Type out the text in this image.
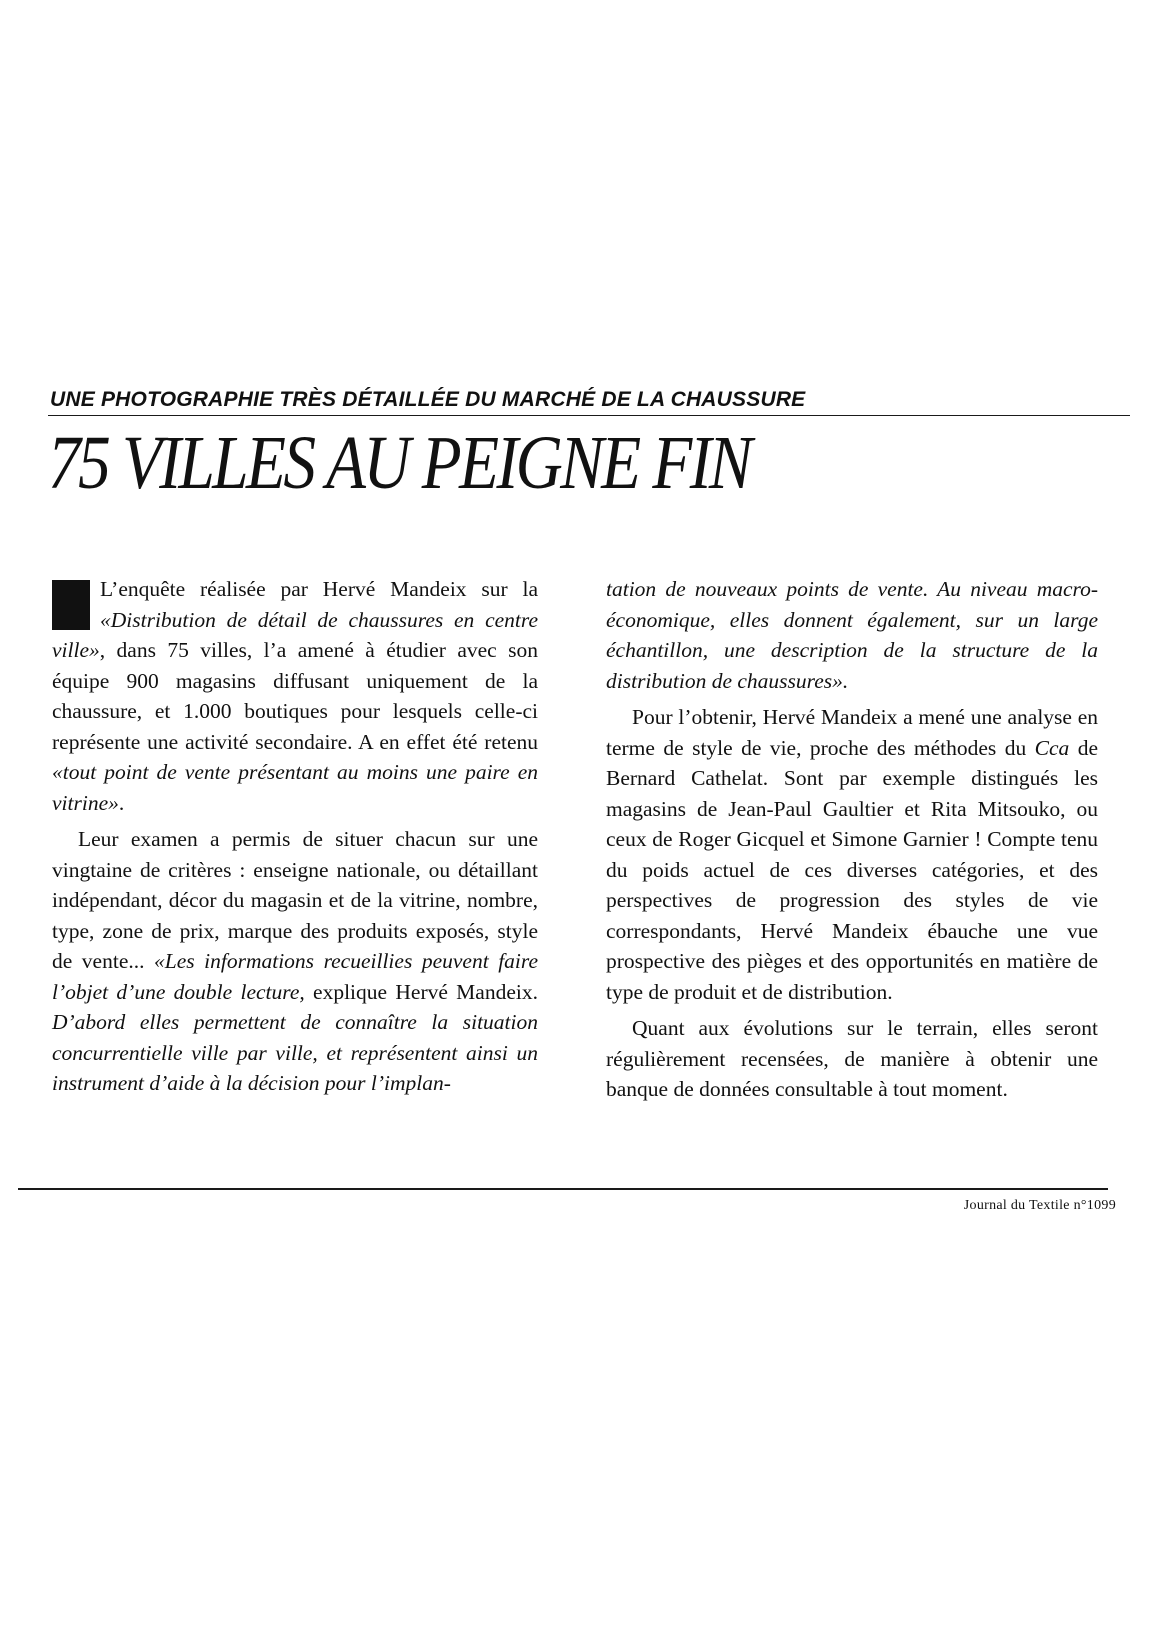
UNE PHOTOGRAPHIE TRÈS DÉTAILLÉE DU MARCHÉ DE LA CHAUSSURE
75 VILLES AU PEIGNE FIN

L’enquête réalisée par Hervé Mandeix sur la «Distribution de détail de chaussures en centre ville», dans 75 villes, l’a amené à étudier avec son équipe 900 magasins diffusant uniquement de la chaussure, et 1.000 boutiques pour lesquels celle-ci représente une activité secondaire. A en effet été retenu «tout point de vente présentant au moins une paire en vitrine».

Leur examen a permis de situer chacun sur une vingtaine de critères : enseigne nationale, ou détaillant indépendant, décor du magasin et de la vitrine, nombre, type, zone de prix, marque des produits exposés, style de vente... «Les informations recueillies peuvent faire l’objet d’une double lecture, explique Hervé Mandeix. D’abord elles permettent de connaître la situation concurrentielle ville par ville, et représentent ainsi un instrument d’aide à la décision pour l’implan-

tation de nouveaux points de vente. Au niveau macro-économique, elles donnent également, sur un large échantillon, une description de la structure de la distribution de chaussures».

Pour l’obtenir, Hervé Mandeix a mené une analyse en terme de style de vie, proche des méthodes du Cca de Bernard Cathelat. Sont par exemple distingués les magasins de Jean-Paul Gaultier et Rita Mitsouko, ou ceux de Roger Gicquel et Simone Garnier ! Compte tenu du poids actuel de ces diverses catégories, et des perspectives de progression des styles de vie correspondants, Hervé Mandeix ébauche une vue prospective des pièges et des opportunités en matière de type de produit et de distribution.

Quant aux évolutions sur le terrain, elles seront régulièrement recensées, de manière à obtenir une banque de données consultable à tout moment.

Journal du Textile n°1099
